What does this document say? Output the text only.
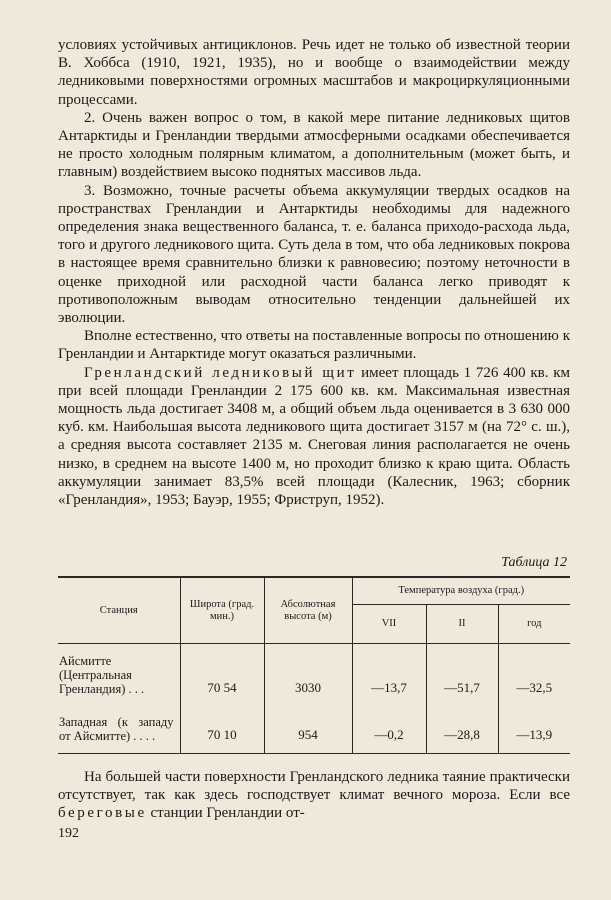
условиях устойчивых антициклонов. Речь идет не только об известной теории В. Хоббса (1910, 1921, 1935), но и вообще о взаимодействии между ледниковыми поверхностями огромных масштабов и макроциркуляционными процессами.

2. Очень важен вопрос о том, в какой мере питание ледниковых щитов Антарктиды и Гренландии твердыми атмосферными осадками обеспечивается не просто холодным полярным климатом, а дополнительным (может быть, и главным) воздействием высоко поднятых массивов льда.

3. Возможно, точные расчеты объема аккумуляции твердых осадков на пространствах Гренландии и Антарктиды необходимы для надежного определения знака вещественного баланса, т. е. баланса приходо-расхода льда, того и другого ледникового щита. Суть дела в том, что оба ледниковых покрова в настоящее время сравнительно близки к равновесию; поэтому неточности в оценке приходной или расходной части баланса легко приводят к противоположным выводам относительно тенденции дальнейшей их эволюции.

Вполне естественно, что ответы на поставленные вопросы по отношению к Гренландии и Антарктиде могут оказаться различными.

Гренландский ледниковый щит имеет площадь 1 726 400 кв. км при всей площади Гренландии 2 175 600 кв. км. Максимальная известная мощность льда достигает 3408 м, а общий объем льда оценивается в 3 630 000 куб. км. Наибольшая высота ледникового щита достигает 3157 м (на 72° с. ш.), а средняя высота составляет 2135 м. Снеговая линия располагается не очень низко, в среднем на высоте 1400 м, но проходит близко к краю щита. Область аккумуляции занимает 83,5% всей площади (Калесник, 1963; сборник «Гренландия», 1953; Бауэр, 1955; Фриструп, 1952).

Таблица 12
Станция	Широта (град. мин.)	Абсолютная высота (м)	Температура воздуха (град.)		
			VII	II	год
Айсмитте (Центральная Гренландия) . . .	70 54	3030	—13,7	—51,7	—32,5
Западная (к западу от Айсмитте) . . . .	70 10	954	—0,2	—28,8	—13,9

На большей части поверхности Гренландского ледника таяние практически отсутствует, так как здесь господствует климат вечного мороза. Если все береговые станции Гренландии от-

192
